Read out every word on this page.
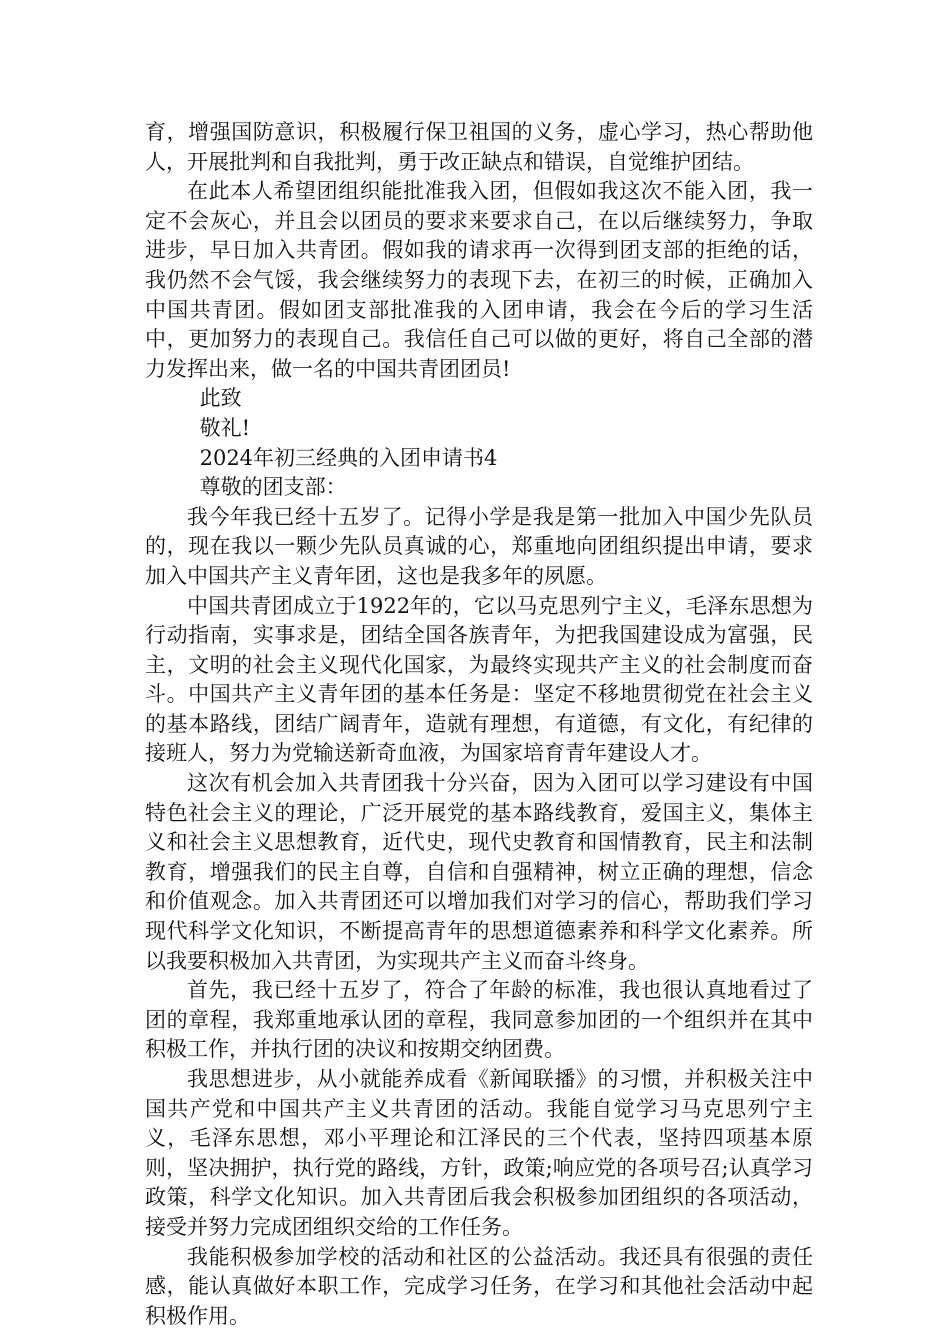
育，增强国防意识，积极履行保卫祖国的义务，虚心学习，热心帮助他人，开展批判和自我批判，勇于改正缺点和错误，自觉维护团结。

在此本人希望团组织能批准我入团，但假如我这次不能入团，我一定不会灰心，并且会以团员的要求来要求自己，在以后继续努力，争取进步，早日加入共青团。假如我的请求再一次得到团支部的拒绝的话，我仍然不会气馁，我会继续努力的表现下去，在初三的时候，正确加入中国共青团。假如团支部批准我的入团申请，我会在今后的学习生活中，更加努力的表现自己。我信任自己可以做的更好，将自己全部的潜力发挥出来，做一名的中国共青团团员!

此致

敬礼!

2024年初三经典的入团申请书4

尊敬的团支部：

我今年我已经十五岁了。记得小学是我是第一批加入中国少先队员的，现在我以一颗少先队员真诚的心，郑重地向团组织提出申请，要求加入中国共产主义青年团，这也是我多年的夙愿。

中国共青团成立于1922年的，它以马克思列宁主义，毛泽东思想为行动指南，实事求是，团结全国各族青年，为把我国建设成为富强，民主，文明的社会主义现代化国家，为最终实现共产主义的社会制度而奋斗。中国共产主义青年团的基本任务是：坚定不移地贯彻党在社会主义的基本路线，团结广阔青年，造就有理想，有道德，有文化，有纪律的接班人，努力为党输送新奇血液，为国家培育青年建设人才。

这次有机会加入共青团我十分兴奋，因为入团可以学习建设有中国特色社会主义的理论，广泛开展党的基本路线教育，爱国主义，集体主义和社会主义思想教育，近代史，现代史教育和国情教育，民主和法制教育，增强我们的民主自尊，自信和自强精神，树立正确的理想，信念和价值观念。加入共青团还可以增加我们对学习的信心，帮助我们学习现代科学文化知识，不断提高青年的思想道德素养和科学文化素养。所以我要积极加入共青团，为实现共产主义而奋斗终身。

首先，我已经十五岁了，符合了年龄的标准，我也很认真地看过了团的章程，我郑重地承认团的章程，我同意参加团的一个组织并在其中积极工作，并执行团的决议和按期交纳团费。

我思想进步，从小就能养成看《新闻联播》的习惯，并积极关注中国共产党和中国共产主义共青团的活动。我能自觉学习马克思列宁主义，毛泽东思想，邓小平理论和江泽民的三个代表，坚持四项基本原则，坚决拥护，执行党的路线，方针，政策;响应党的各项号召;认真学习政策，科学文化知识。加入共青团后我会积极参加团组织的各项活动，接受并努力完成团组织交给的工作任务。

我能积极参加学校的活动和社区的公益活动。我还具有很强的责任感，能认真做好本职工作，完成学习任务，在学习和其他社会活动中起积极作用。
